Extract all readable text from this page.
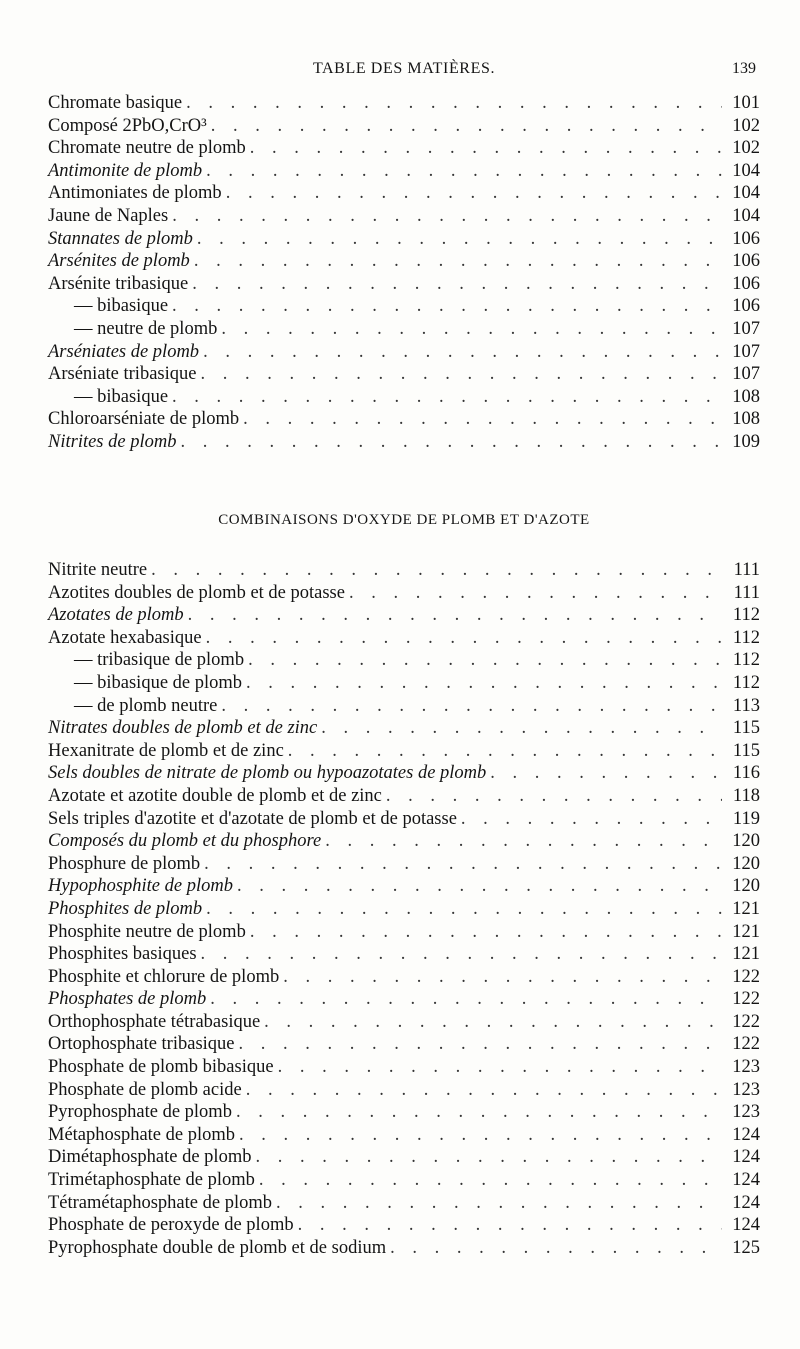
TABLE DES MATIÈRES.	139
Chromate basique . . .	101
Composé 2PbO,CrO³ . . .	102
Chromate neutre de plomb . . .	102
Antimonite de plomb . . .	104
Antimoniates de plomb . . .	104
Jaune de Naples . . .	104
Stannates de plomb . . .	106
Arsénites de plomb . . .	106
Arsénite tribasique . . .	106
— bibasique . . .	106
— neutre de plomb . . .	107
Arséniates de plomb . . .	107
Arséniate tribasique . . .	107
— bibasique . . .	108
Chloroarséniate de plomb . . .	108
Nitrites de plomb . . .	109
COMBINAISONS D'OXYDE DE PLOMB ET D'AZOTE
Nitrite neutre . . .	111
Azotites doubles de plomb et de potasse . . .	111
Azotates de plomb . . .	112
Azotate hexabasique . . .	112
— tribasique de plomb . . .	112
— bibasique de plomb . . .	112
— de plomb neutre . . .	113
Nitrates doubles de plomb et de zinc . . .	115
Hexanitrate de plomb et de zinc . . .	115
Sels doubles de nitrate de plomb ou hypoazotates de plomb . . .	116
Azotate et azotite double de plomb et de zinc . . .	118
Sels triples d'azotite et d'azotate de plomb et de potasse . . .	119
Composés du plomb et du phosphore . . .	120
Phosphure de plomb . . .	120
Hypophosphite de plomb . . .	120
Phosphites de plomb . . .	121
Phosphite neutre de plomb . . .	121
Phosphites basiques . . .	121
Phosphite et chlorure de plomb . . .	122
Phosphates de plomb . . .	122
Orthophosphate tétrabasique . . .	122
Ortophosphate tribasique . . .	122
Phosphate de plomb bibasique . . .	123
Phosphate de plomb acide . . .	123
Pyrophosphate de plomb . . .	123
Métaphosphate de plomb . . .	124
Dimétaphosphate de plomb . . .	124
Trimétaphosphate de plomb . . .	124
Tétramétaphosphate de plomb . . .	124
Phosphate de peroxyde de plomb . . .	124
Pyrophosphate double de plomb et de sodium . . .	125
